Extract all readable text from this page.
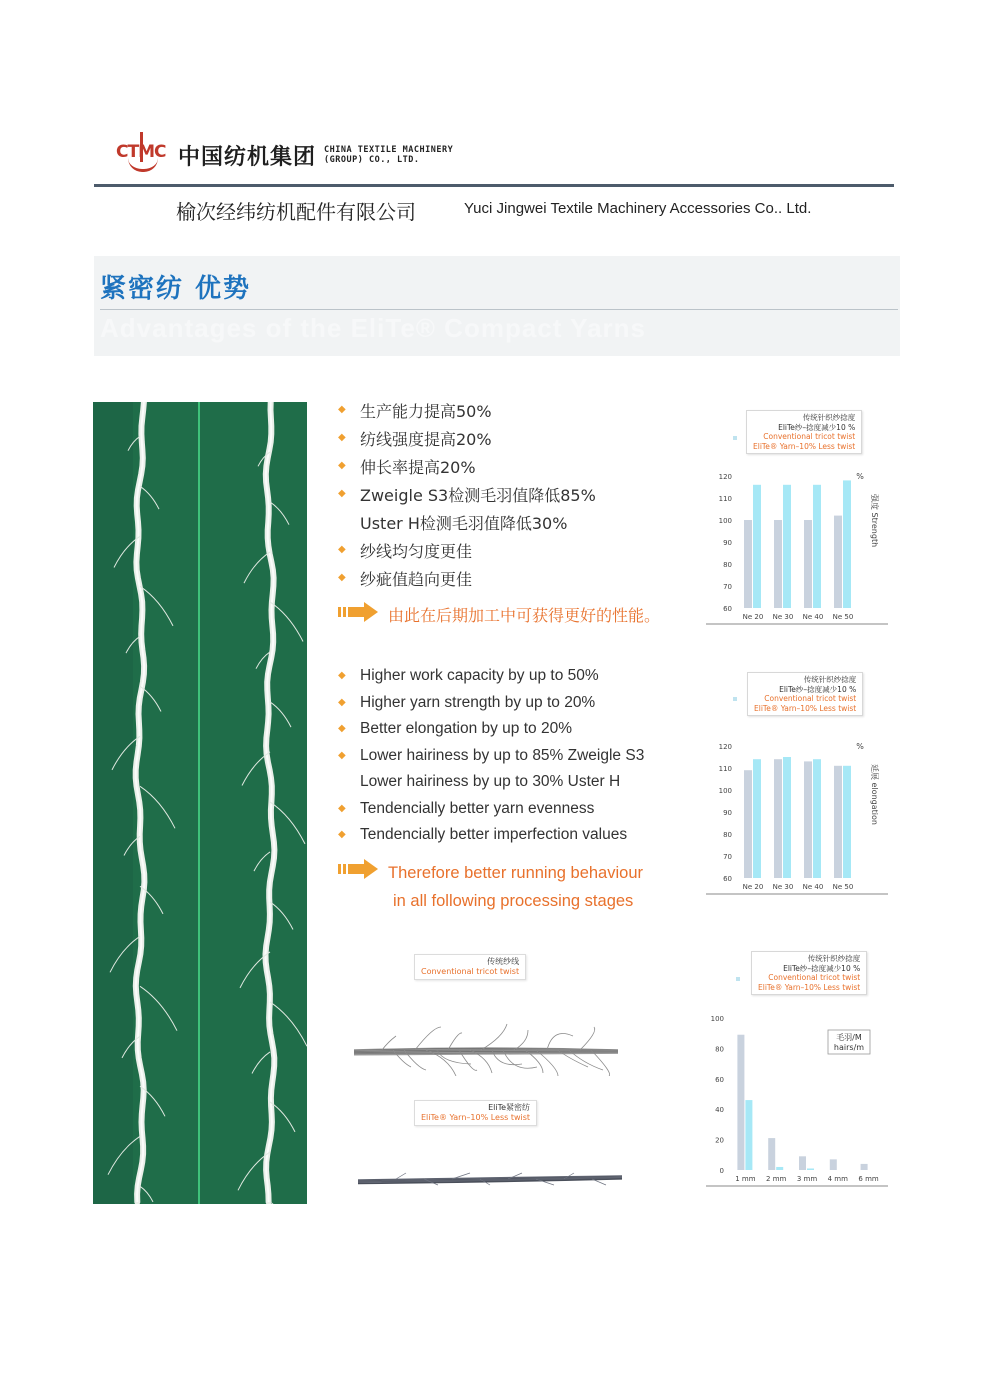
CTMC 中国纺机集团 CHINA TEXTILE MACHINERY
(GROUP) CO., LTD.
榆次经纬纺机配件有限公司	Yuci Jingwei Textile Machinery Accessories Co.. Ltd.
紧密纺 优势
Advantages of the EliTe® Compact Yarns
◆ 生产能力提高50%
◆ 纺线强度提高20%
◆ 伸长率提高20%
◆ Zweigle S3检测毛羽值降低85%
Uster H检测毛羽值降低30%
◆ 纱线均匀度更佳
◆ 纱疵值趋向更佳
由此在后期加工中可获得更好的性能。
◆ Higher work capacity by up to 50%
◆ Higher yarn strength by up to 20%
◆ Better elongation by up to 20%
◆ Lower hairiness by up to 85% Zweigle S3
Lower hairiness by up to 30% Uster H
◆ Tendencially better yarn evenness
◆ Tendencially better imperfection values
Therefore better running behaviour
in all following processing stages
传统针织纱捻度
EliTe纱–捻度减少10 %
Conventional tricot twist
EliTe® Yarn–10% Less twist
传统针织纱捻度
EliTe纱–捻度减少10 %
Conventional tricot twist
EliTe® Yarn–10% Less twist
传统针织纱捻度
EliTe纱–捻度减少10 %
Conventional tricot twist
EliTe® Yarn–10% Less twist
60
70
80
90
100
110
120
Ne 20 Ne 30 Ne 40 Ne 50
%
强度 Strength
60
70
80
90
100
110
120
Ne 20 Ne 30 Ne 40 Ne 50
%
延展 elongation
0
20
40
60
80
100
1 mm 2 mm 3 mm 4 mm 6 mm
毛羽/M
hairs/m
传统纱线
Conventional tricot twist
EliTe紧密纺
EliTe® Yarn–10% Less twist
